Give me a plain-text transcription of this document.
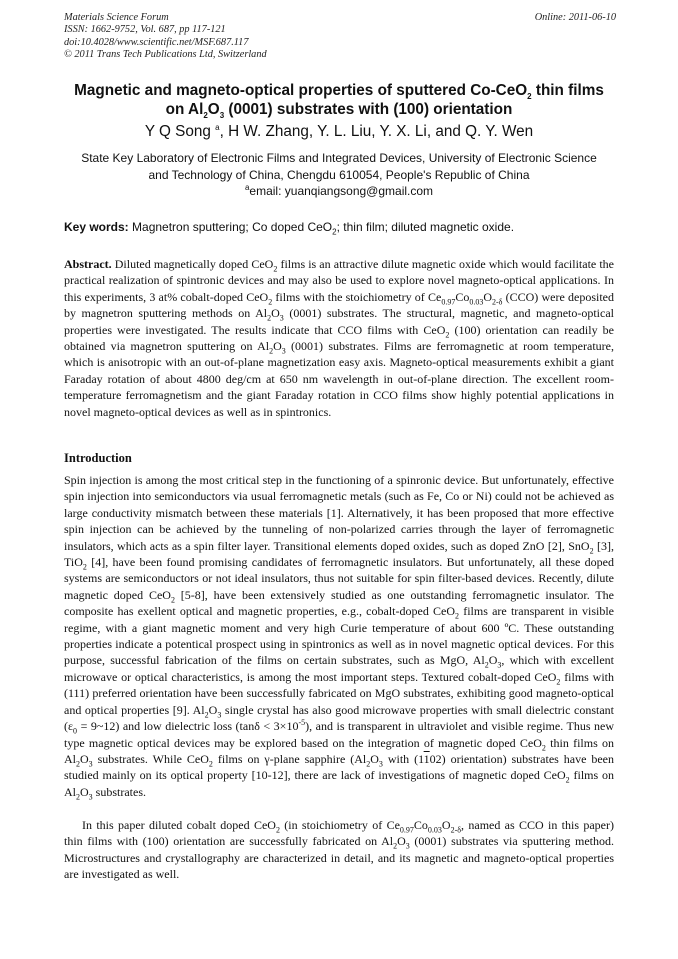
Materials Science Forum
ISSN: 1662-9752, Vol. 687, pp 117-121
doi:10.4028/www.scientific.net/MSF.687.117
© 2011 Trans Tech Publications Ltd, Switzerland
Online: 2011-06-10
Magnetic and magneto-optical properties of sputtered Co-CeO$_2$ thin films
on $Al_2O_3$ (0001) substrates with (100) orientation
Y Q Song $^a$, H W. Zhang, Y. L. Liu, Y. X. Li, and Q. Y. Wen
State Key Laboratory of Electronic Films and Integrated Devices, University of Electronic Science
and Technology of China, Chengdu 610054, People's Republic of China
$^a$email: yuanqiangsong@gmail.com
Key words: Magnetron sputtering; Co doped CeO$_2$; thin film; diluted magnetic oxide.
Abstract. Diluted magnetically doped CeO$_2$ films is an attractive dilute magnetic oxide which would facilitate the practical realization of spintronic devices and may also be used to explore novel magneto-optical applications. In this experiments, 3 at% cobalt-doped CeO$_2$ films with the stoichiometry of $Ce_{0.97}Co_{0.03}O_{2-\delta}$ (CCO) were deposited by magnetron sputtering methods on $Al_2O_3$ (0001) substrates. The structural, magnetic, and magneto-optical properties were investigated. The results indicate that CCO films with CeO$_2$ (100) orientation can readily be obtained via magnetron sputtering on $Al_2O_3$ (0001) substrates. Films are ferromagnetic at room temperature, which is anisotropic with an out-of-plane magnetization easy axis. Magneto-optical measurements exhibit a giant Faraday rotation of about 4800 deg/cm at 650 nm wavelength in out-of-plane direction. The excellent room-temperature ferromagnetism and the giant Faraday rotation in CCO films show highly potential applications in novel magneto-optical devices as well as in spintronics.
Introduction
Spin injection is among the most critical step in the functioning of a spinronic device. But unfortunately, effective spin injection into semiconductors via usual ferromagnetic metals (such as Fe, Co or Ni) could not be achieved as large conductivity mismatch between these materials [1]. Alternatively, it has been proposed that more effective spin injection can be achieved by the tunneling of non-polarized carries through the layer of ferromagnetic insulators, which acts as a spin filter layer. Transitional elements doped oxides, such as doped ZnO [2], SnO$_2$ [3], TiO$_2$ [4], have been found promising candidates of ferromagnetic insulators. But unfortunately, all these doped systems are semiconductors or not ideal insulators, thus not suitable for spin filter-based devices. Recently, dilute magnetic doped CeO$_2$ [5-8], have been extensively studied as one outstanding ferromagnetic insulator. The composite has exellent optical and magnetic properties, e.g., cobalt-doped CeO$_2$ films are transparent in visible regime, with a giant magnetic moment and very high Curie temperature of about 600 ºC. These outstanding properties indicate a potentical prospect using in spintronics as well as in novel magnetic optical devices. For this purpose, successful fabrication of the films on certain substrates, such as MgO, $Al_2O_3$, which with excellent microwave or optical characteristics, is among the most important steps. Textured cobalt-doped CeO$_2$ films with (111) preferred orientation have been successfully fabricated on MgO substrates, exhibiting good magneto-optical and optical properties [9]. $Al_2O_3$ single crystal has also good microwave properties with small dielectric constant ($\varepsilon_0$ = 9~12) and low dielectric loss $(\tan\delta < 3\times 10^{-5})$, and is transparent in ultraviolet and visible regime. Thus new type magnetic optical devices may be explored based on the integration of magnetic doped CeO$_2$ thin films on $Al_2O_3$ substrates. While CeO$_2$ films on γ-plane sapphire ($Al_2O_3$ with (1102) orientation) substrates have been studied mainly on its optical property [10-12], there are lack of investigations of magnetic doped CeO$_2$ films on $Al_2O_3$ substrates.
In this paper diluted cobalt doped CeO$_2$ (in stoichiometry of $Ce_{0.97}Co_{0.03}O_{2-\delta}$, named as CCO in this paper) thin films with (100) orientation are successfully fabricated on $Al_2O_3$ (0001) substrates via sputtering method. Microstructures and crystallography are characterized in detail, and its magnetic and magneto-optical properties are investigated as well.
